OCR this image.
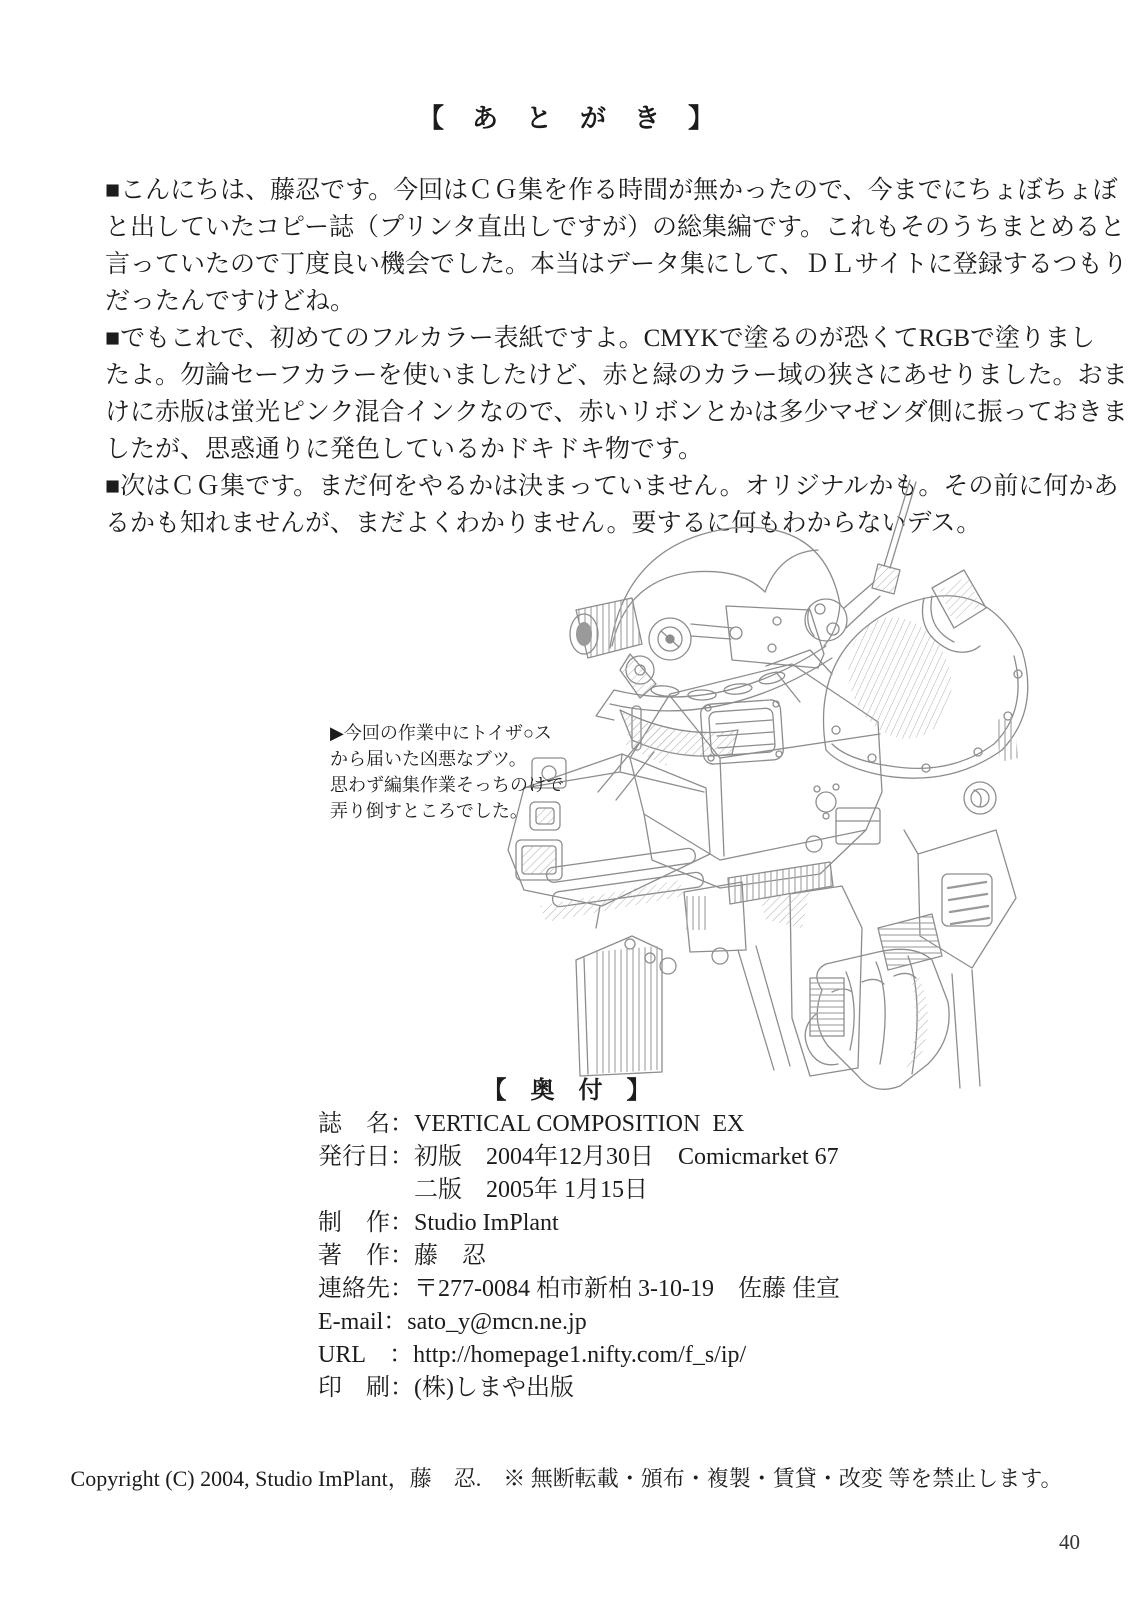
【　あ　と　が　き　】
■こんにちは、藤忍です。今回はＣＧ集を作る時間が無かったので、今までにちょぼちょぼ
と出していたコピー誌（プリンタ直出しですが）の総集編です。これもそのうちまとめると
言っていたので丁度良い機会でした。本当はデータ集にして、ＤＬサイトに登録するつもり
だったんですけどね。
■でもこれで、初めてのフルカラー表紙ですよ。CMYKで塗るのが恐くてRGBで塗りまし
たよ。勿論セーフカラーを使いましたけど、赤と緑のカラー域の狭さにあせりました。おま
けに赤版は蛍光ピンク混合インクなので、赤いリボンとかは多少マゼンダ側に振っておきま
したが、思惑通りに発色しているかドキドキ物です。
■次はＣＧ集です。まだ何をやるかは決まっていません。オリジナルかも。その前に何かあ
るかも知れませんが、まだよくわかりません。要するに何もわからないデス。
▶今回の作業中にトイザ○ス
から届いた凶悪なブツ。
思わず編集作業そっちのけで
弄り倒すところでした。
【　奥　付　】
誌　名：VERTICAL COMPOSITION  EX
発行日：初版　2004年12月30日　Comicmarket 67
　　　　二版　2005年 1月15日
制　作：Studio ImPlant
著　作：藤　忍
連絡先：〒277-0084 柏市新柏 3-10-19　佐藤 佳宣
E-mail：sato_y@mcn.ne.jp
URL　：http://homepage1.nifty.com/f_s/ip/
印　刷：(株)しまや出版
Copyright (C) 2004, Studio ImPlant，藤　忍.　※ 無断転載・頒布・複製・賃貸・改変 等を禁止します。
40
